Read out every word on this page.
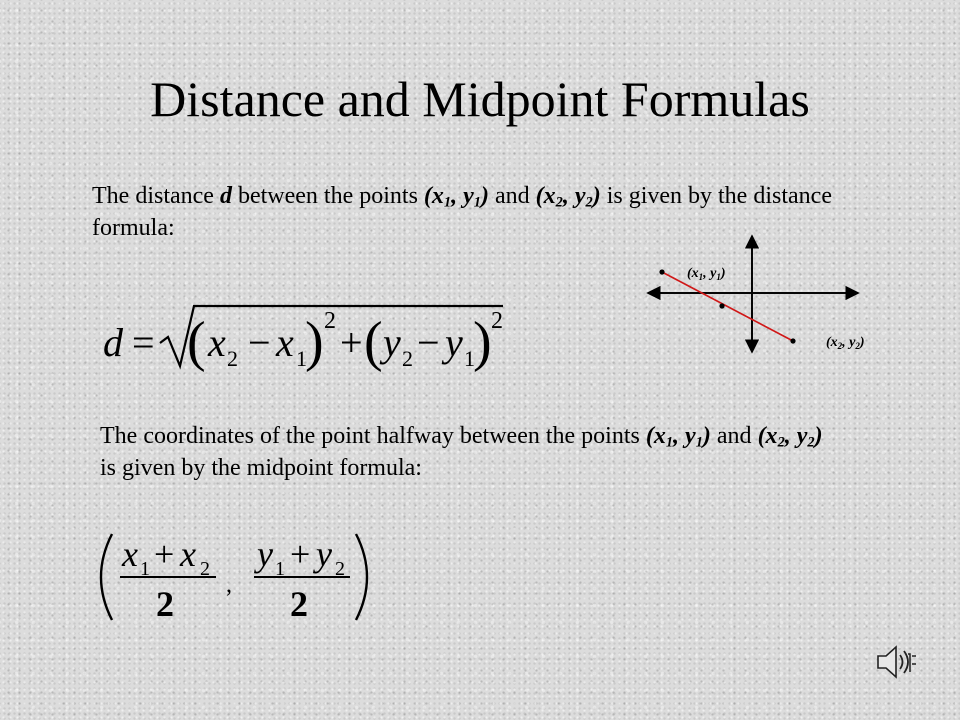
Distance and Midpoint Formulas
The distance d between the points ($x_1$, $y_1$) and ($x_2$, $y_2$) is given by the distance formula:
d = ( x 2 − x 1
) 2 + ( y 2 − y 1
) 2
($x_1$, $y_1$)
($x_2$, $y_2$)
The coordinates of the point halfway between the points ($x_1$, $y_1$) and ($x_2$, $y_2$) is given by the midpoint formula:
x 1 + x 2
2 ,
y 1 + y 2
2
